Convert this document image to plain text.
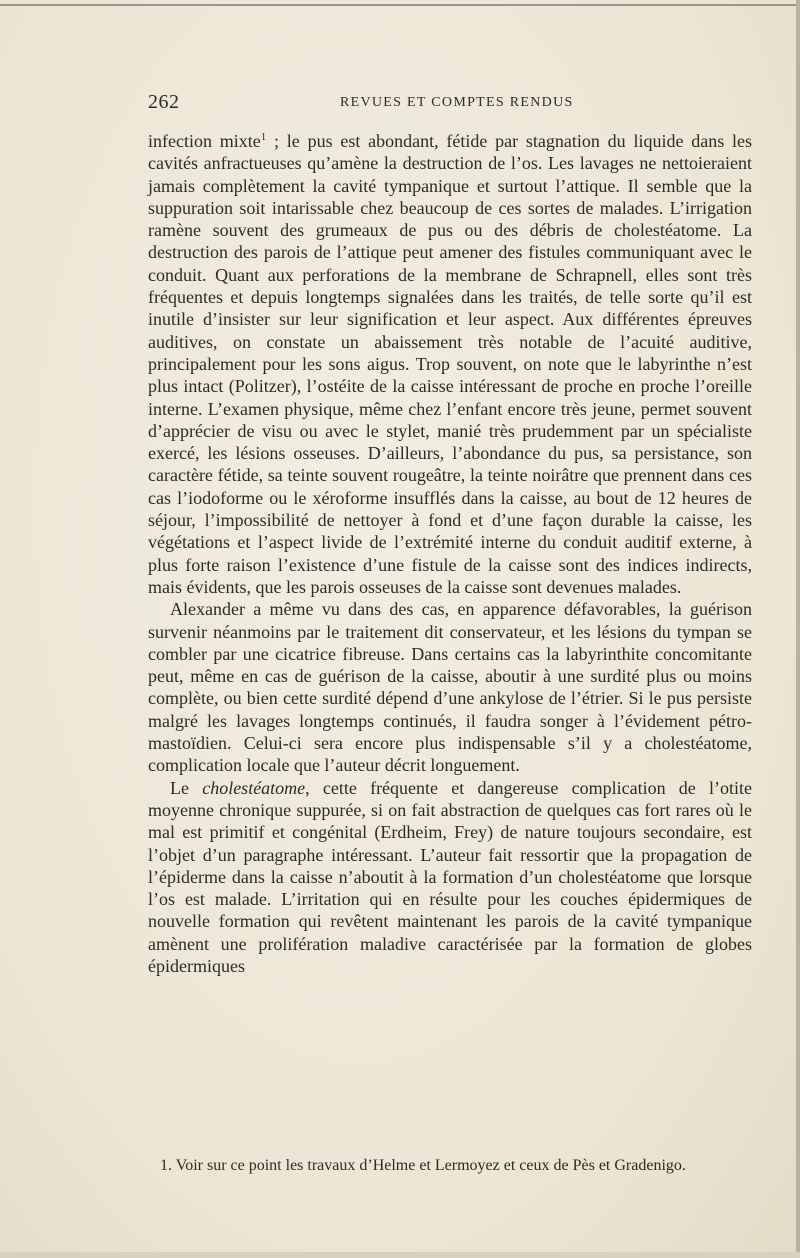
262	REVUES ET COMPTES RENDUS

infection mixte$^1$ ; le pus est abondant, fétide par stagnation du liquide dans les cavités anfractueuses qu’amène la destruction de l’os. Les lavages ne nettoieraient jamais complètement la cavité tympanique et surtout l’attique. Il semble que la suppuration soit intarissable chez beaucoup de ces sortes de malades. L’irrigation ramène souvent des grumeaux de pus ou des débris de cholestéatome. La destruction des parois de l’attique peut amener des fistules communiquant avec le conduit. Quant aux perforations de la membrane de Schrapnell, elles sont très fréquentes et depuis longtemps signalées dans les traités, de telle sorte qu’il est inutile d’insister sur leur signification et leur aspect. Aux différentes épreuves auditives, on constate un abaissement très notable de l’acuité auditive, principalement pour les sons aigus. Trop souvent, on note que le labyrinthe n’est plus intact (Politzer), l’ostéite de la caisse intéressant de proche en proche l’oreille interne. L’examen physique, même chez l’enfant encore très jeune, permet souvent d’apprécier de visu ou avec le stylet, manié très prudemment par un spécialiste exercé, les lésions osseuses. D’ailleurs, l’abondance du pus, sa persistance, son caractère fétide, sa teinte souvent rougeâtre, la teinte noirâtre que prennent dans ces cas l’iodoforme ou le xéroforme insufflés dans la caisse, au bout de 12 heures de séjour, l’impossibilité de nettoyer à fond et d’une façon durable la caisse, les végétations et l’aspect livide de l’extrémité interne du conduit auditif externe, à plus forte raison l’existence d’une fistule de la caisse sont des indices indirects, mais évidents, que les parois osseuses de la caisse sont devenues malades.

Alexander a même vu dans des cas, en apparence défavorables, la guérison survenir néanmoins par le traitement dit conservateur, et les lésions du tympan se combler par une cicatrice fibreuse. Dans certains cas la labyrinthite concomitante peut, même en cas de guérison de la caisse, aboutir à une surdité plus ou moins complète, ou bien cette surdité dépend d’une ankylose de l’étrier. Si le pus persiste malgré les lavages longtemps continués, il faudra songer à l’évidement pétro-mastoïdien. Celui-ci sera encore plus indispensable s’il y a cholestéatome, complication locale que l’auteur décrit longuement.

Le cholestéatome, cette fréquente et dangereuse complication de l’otite moyenne chronique suppurée, si on fait abstraction de quelques cas fort rares où le mal est primitif et congénital (Erdheim, Frey) de nature toujours secondaire, est l’objet d’un paragraphe intéressant. L’auteur fait ressortir que la propagation de l’épiderme dans la caisse n’aboutit à la formation d’un cholestéatome que lorsque l’os est malade. L’irritation qui en résulte pour les couches épidermiques de nouvelle formation qui revêtent maintenant les parois de la cavité tympanique amènent une prolifération maladive caractérisée par la formation de globes épidermiques

1. Voir sur ce point les travaux d’Helme et Lermoyez et ceux de Pès et Gradenigo.
